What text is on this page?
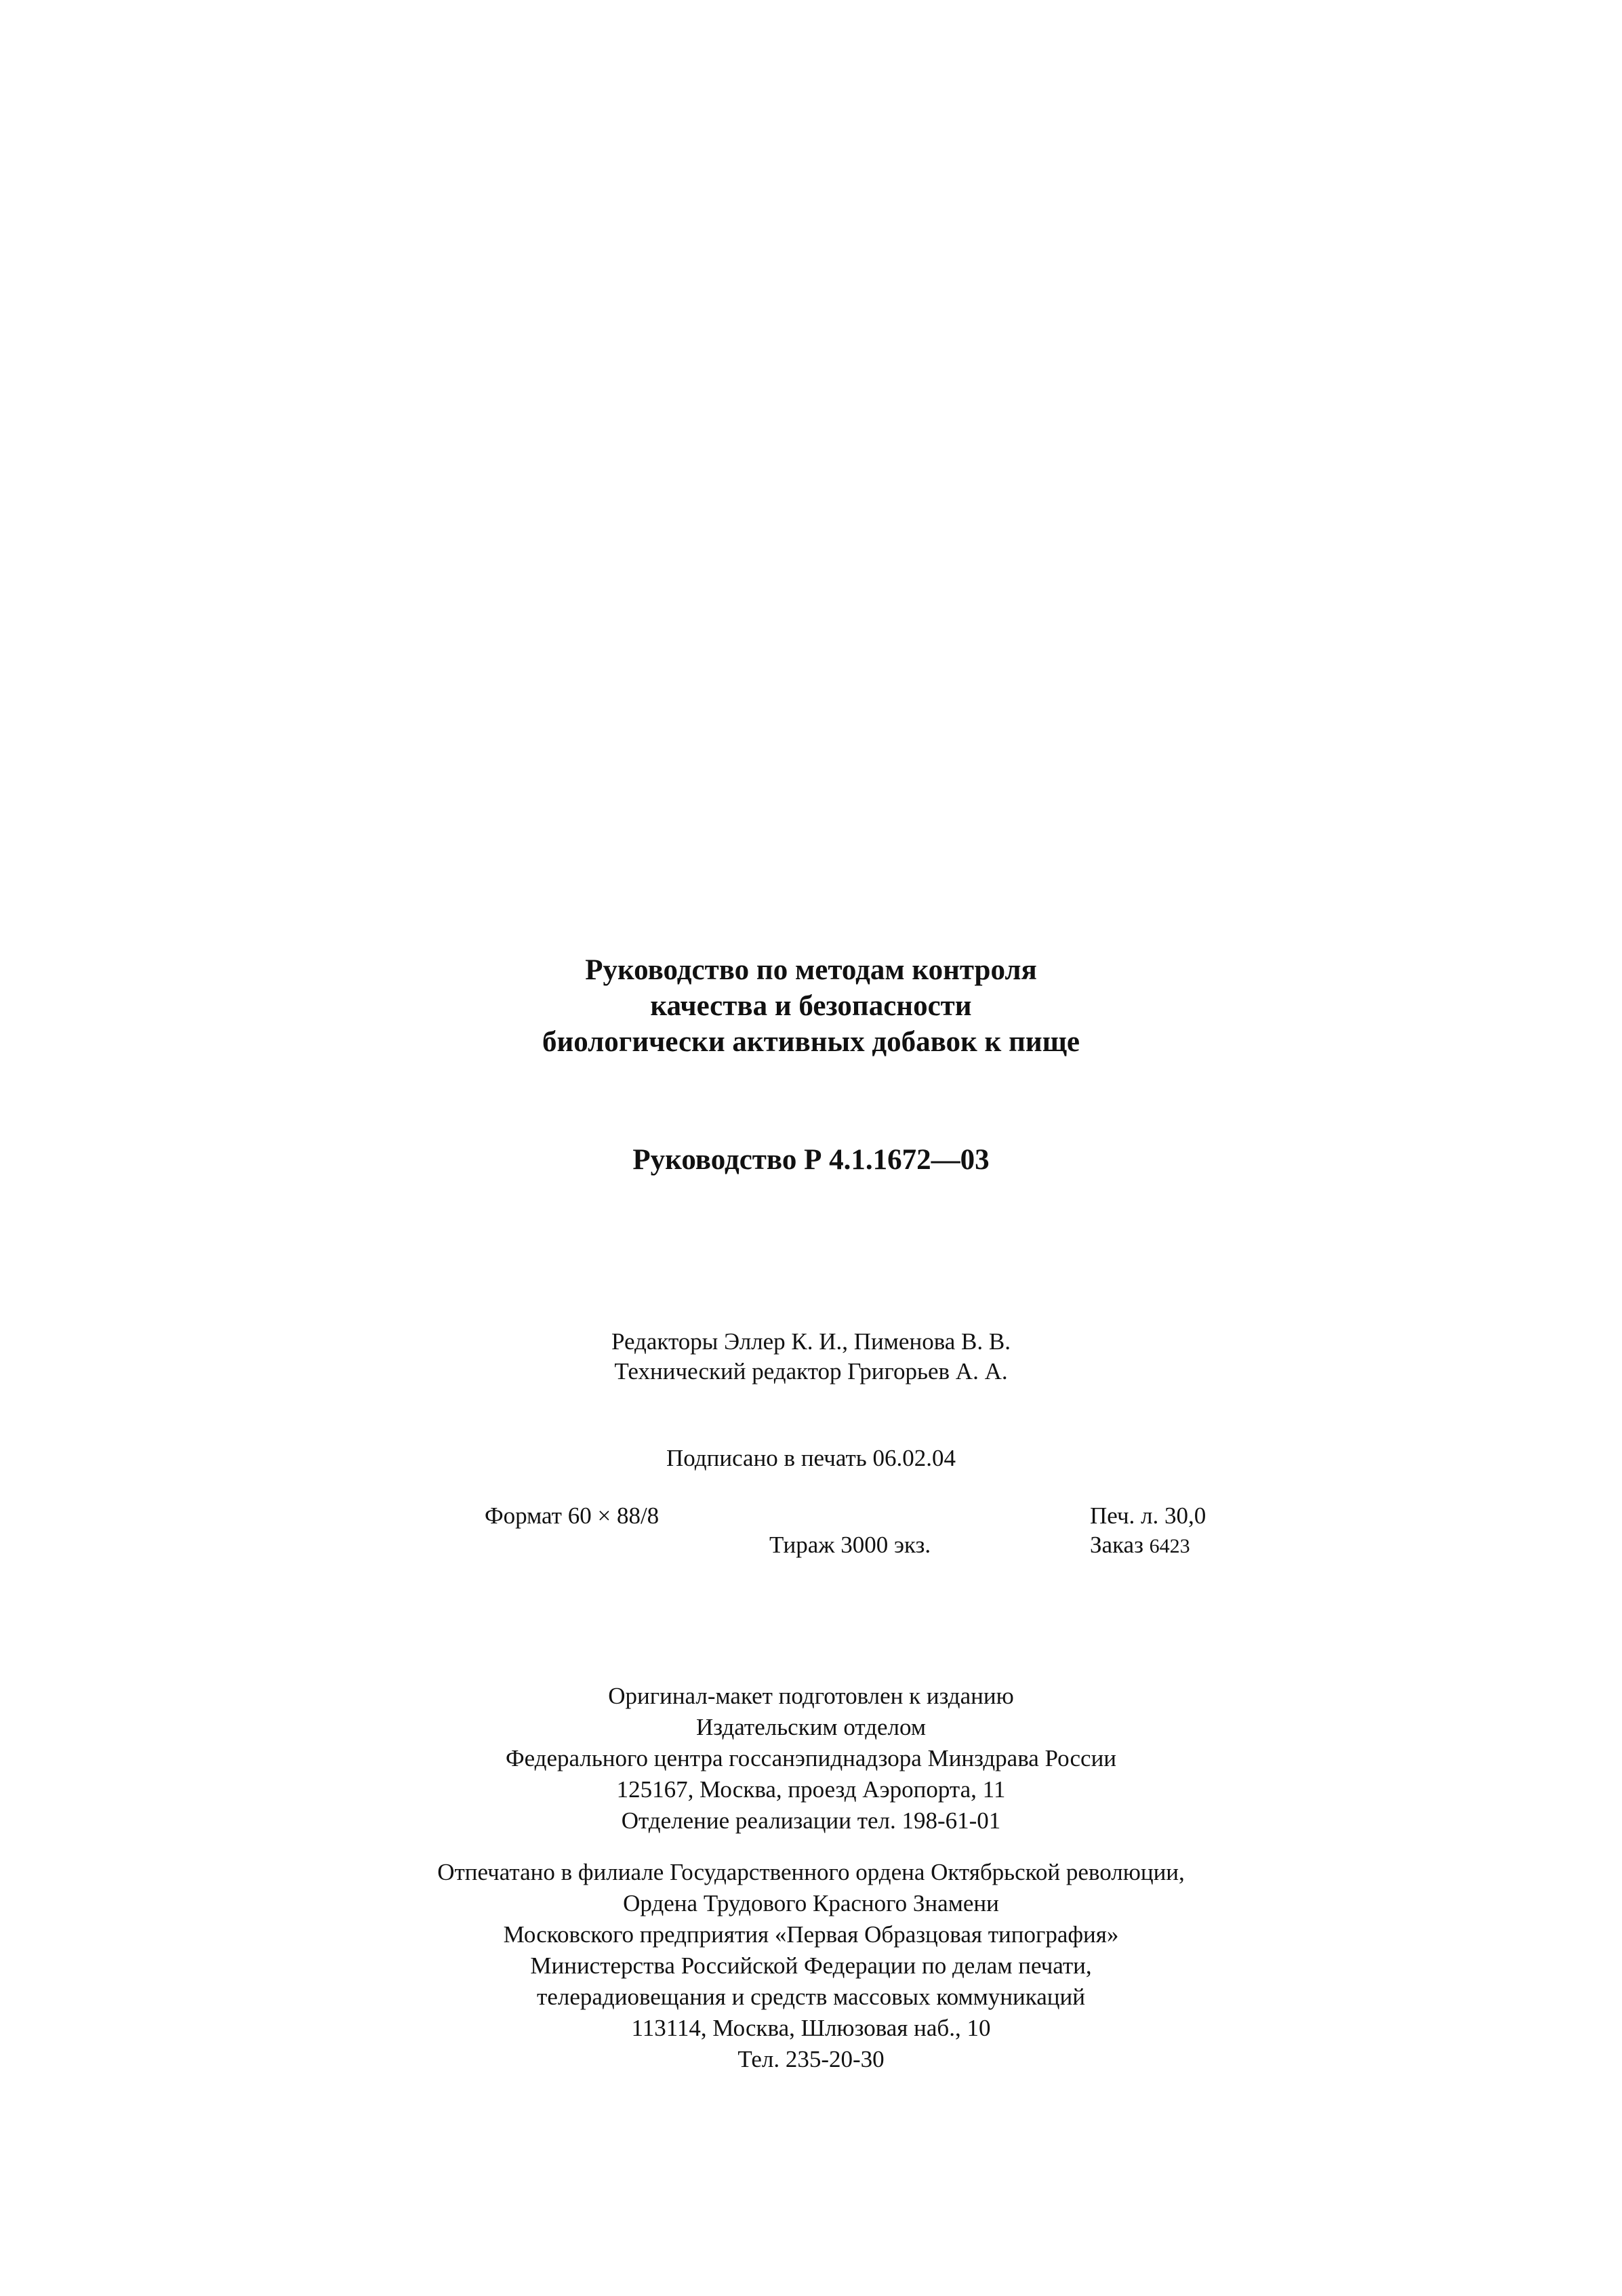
Руководство по методам контроля
качества и безопасности
биологически активных добавок к пище
Руководство Р 4.1.1672—03
Редакторы Эллер К. И., Пименова В. В.
Технический редактор Григорьев А. А.
Подписано в печать 06.02.04
Формат 60 × 88/8	Печ. л. 30,0
Тираж 3000 экз.	Заказ 6423
Оригинал-макет подготовлен к изданию
Издательским отделом
Федерального центра госсанэпиднадзора Минздрава России
125167, Москва, проезд Аэропорта, 11
Отделение реализации тел. 198-61-01
Отпечатано в филиале Государственного ордена Октябрьской революции,
Ордена Трудового Красного Знамени
Московского предприятия «Первая Образцовая типография»
Министерства Российской Федерации по делам печати,
телерадиовещания и средств массовых коммуникаций
113114, Москва, Шлюзовая наб., 10
Тел. 235-20-30
